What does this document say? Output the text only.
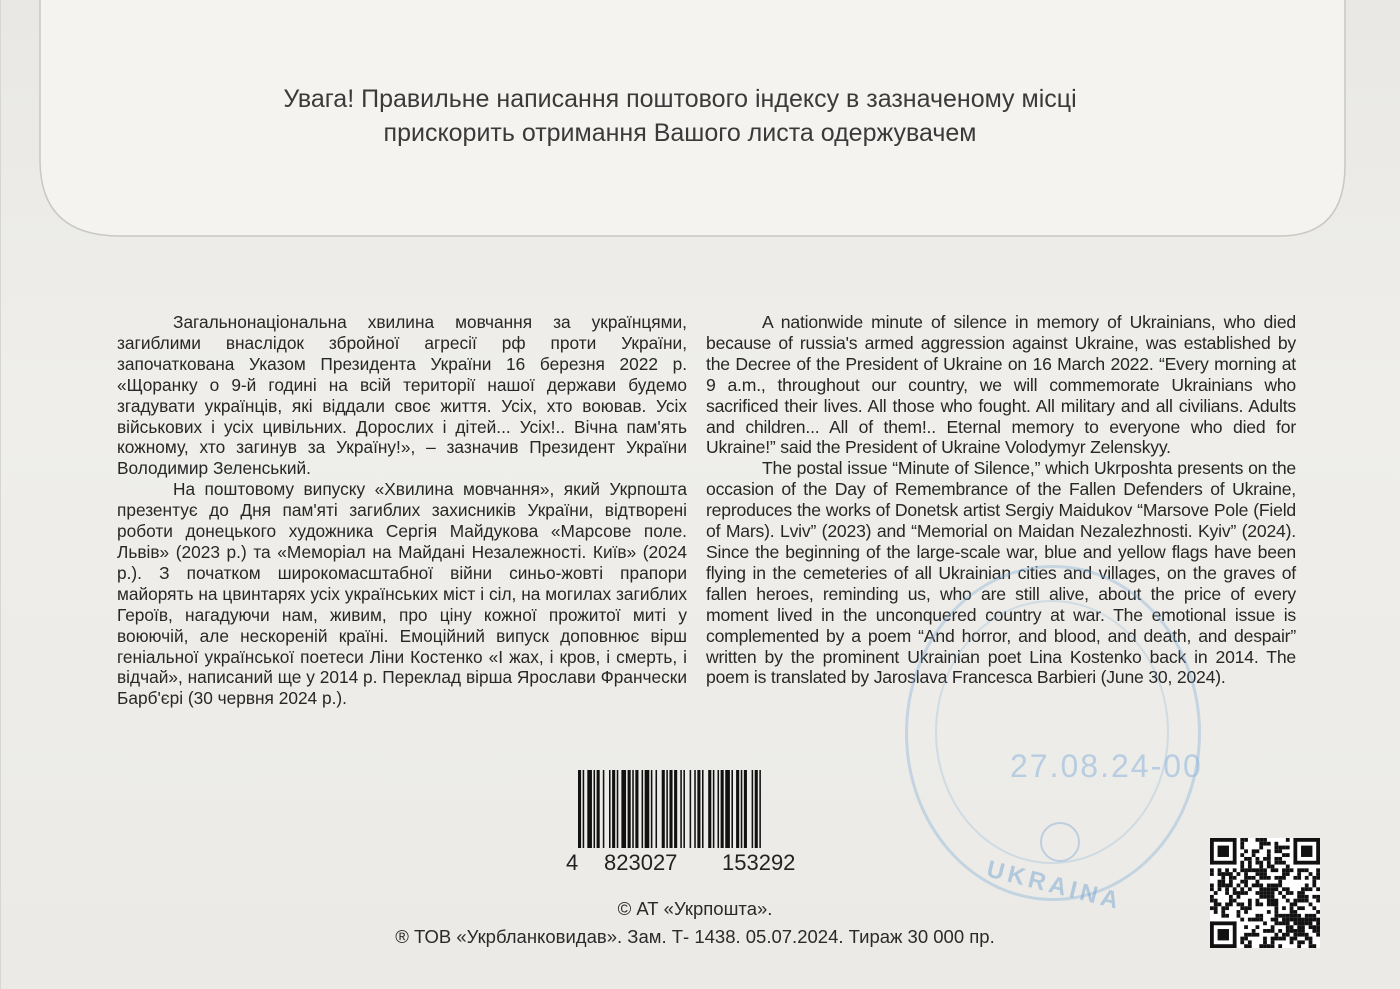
Увага! Правильне написання поштового індексу в зазначеному місці
прискорить отримання Вашого листа одержувачем

Загальнонаціональна хвилина мовчання за українцями, загиблими внаслідок збройної агресії рф проти України, започаткована Указом Президента України 16 березня 2022 р. «Щоранку о 9-й годині на всій території нашої держави будемо згадувати українців, які віддали своє життя. Усіх, хто воював. Усіх військових і усіх цивільних. Дорослих і дітей... Усіх!.. Вічна пам'ять кожному, хто загинув за Україну!», – зазначив Президент України Володимир Зеленський.

На поштовому випуску «Хвилина мовчання», який Укрпошта презентує до Дня пам'яті загиблих захисників України, відтворені роботи донецького художника Сергія Майдукова «Марсове поле. Львів» (2023 р.) та «Меморіал на Майдані Незалежності. Київ» (2024 р.). З початком широкомасштабної війни синьо-жовті прапори майорять на цвинтарях усіх українських міст і сіл, на могилах загиблих Героїв, нагадуючи нам, живим, про ціну кожної прожитої миті у воюючій, але нескореній країні. Емоційний випуск доповнює вірш геніальної української поетеси Ліни Костенко «І жах, і кров, і смерть, і відчай», написаний ще у 2014 р. Переклад вірша Ярослави Франчески Барб'єрі (30 червня 2024 р.).

A nationwide minute of silence in memory of Ukrainians, who died because of russia's armed aggression against Ukraine, was established by the Decree of the President of Ukraine on 16 March 2022. “Every morning at 9 a.m., throughout our country, we will commemorate Ukrainians who sacrificed their lives. All those who fought. All military and all civilians. Adults and children... All of them!.. Eternal memory to everyone who died for Ukraine!” said the President of Ukraine Volodymyr Zelenskyy.

The postal issue “Minute of Silence,” which Ukrposhta presents on the occasion of the Day of Remembrance of the Fallen Defenders of Ukraine, reproduces the works of Donetsk artist Sergiy Maidukov “Marsove Pole (Field of Mars). Lviv” (2023) and “Memorial on Maidan Nezalezhnosti. Kyiv” (2024). Since the beginning of the large-scale war, blue and yellow flags have been flying in the cemeteries of all Ukrainian cities and villages, on the graves of fallen heroes, reminding us, who are still alive, about the price of every moment lived in the unconquered country at war. The emotional issue is complemented by a poem “And horror, and blood, and death, and despair” written by the prominent Ukrainian poet Lina Kostenko back in 2014. The poem is translated by Jaroslava Francesca Barbieri (June 30, 2024).

27.08.24-00
UKRAINA
4 823027 153292
© АТ «Укрпошта».
® ТОВ «Укрбланковидав». Зам. Т- 1438. 05.07.2024. Тираж 30 000 пр.
